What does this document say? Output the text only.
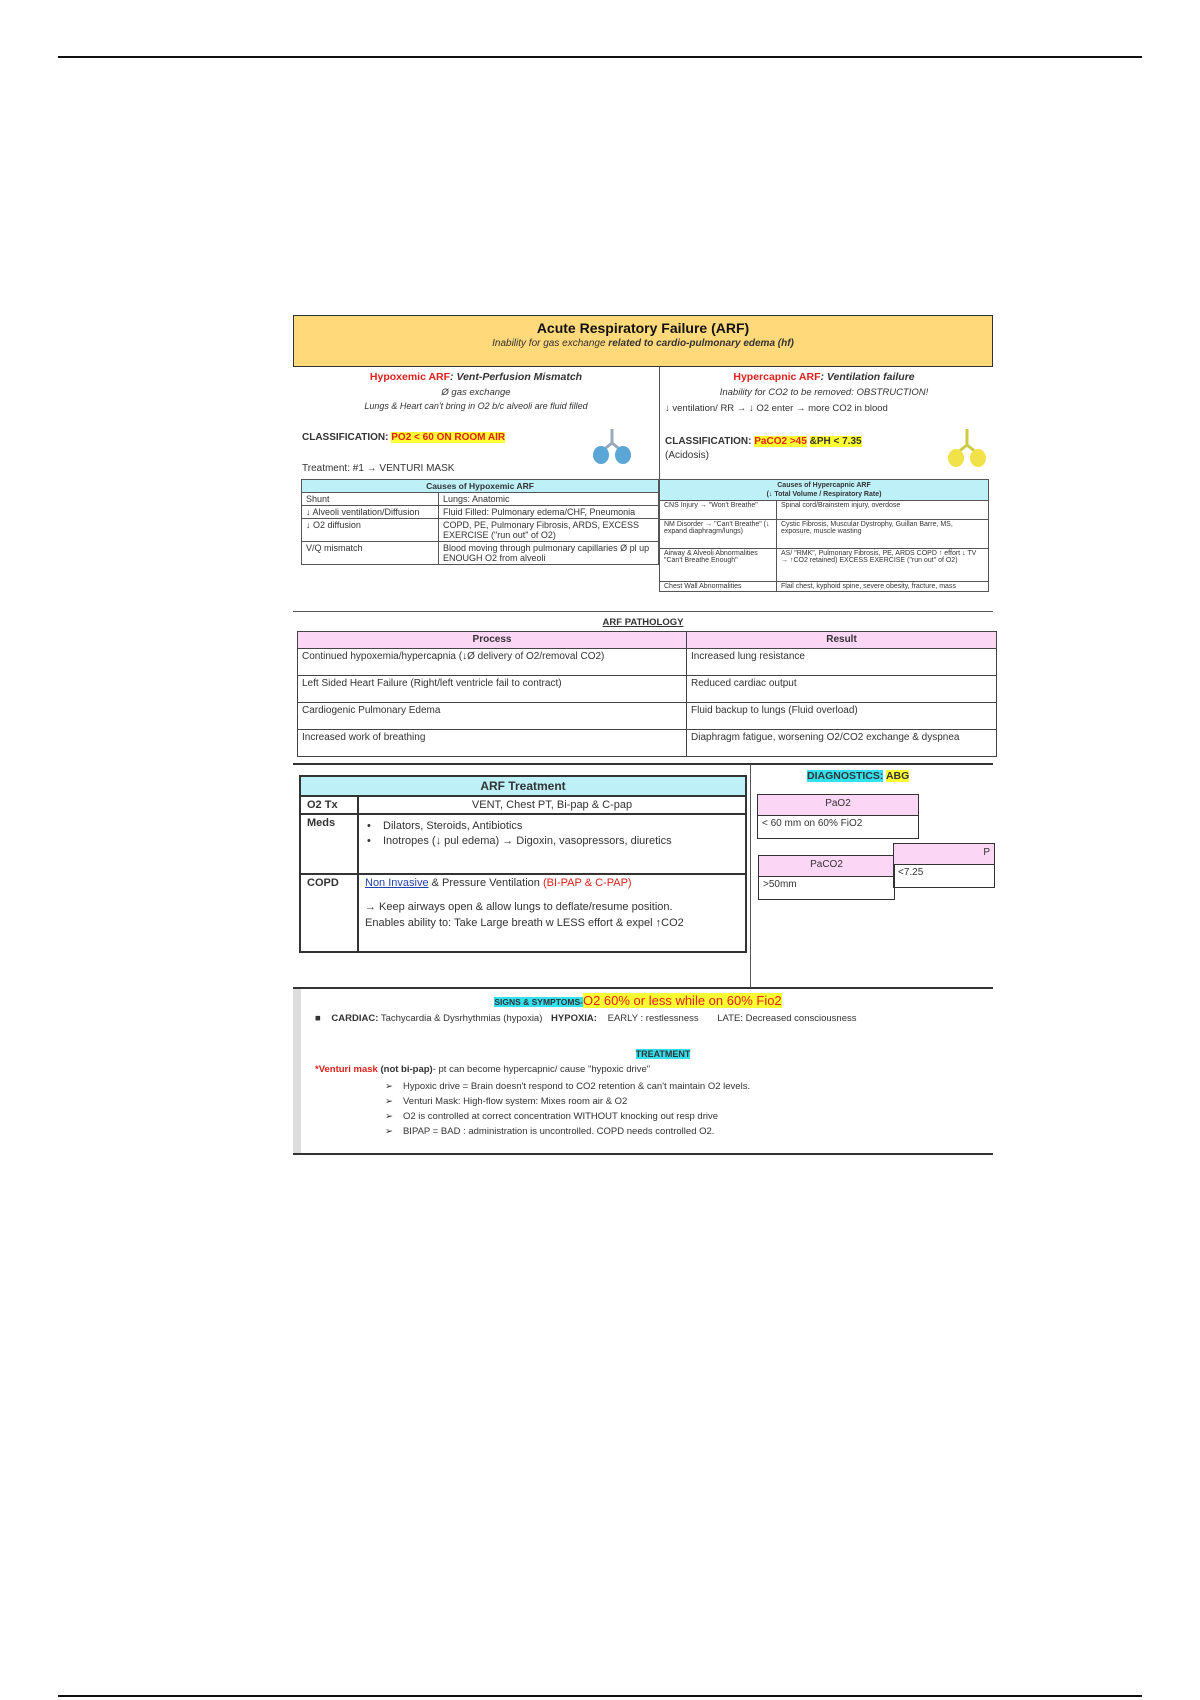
Acute Respiratory Failure (ARF)
Inability for gas exchange related to cardio-pulmonary edema (hf)
Hypoxemic ARF: Vent-Perfusion Mismatch
Ø gas exchange
Lungs & Heart can't bring in O2 b/c alveoli are fluid filled
CLASSIFICATION: PO2 < 60 ON ROOM AIR
Treatment: #1 → VENTURI MASK
Causes of Hypoxemic ARF	
Shunt	Lungs: Anatomic
↓ Alveoli ventilation/Diffusion	Fluid Filled: Pulmonary edema/CHF, Pneumonia
↓ O2 diffusion	COPD, PE, Pulmonary Fibrosis, ARDS, EXCESS EXERCISE ("run out" of O2)
V/Q mismatch	Blood moving through pulmonary capillaries Ø pl up ENOUGH O2 from alveoli
Hypercapnic ARF: Ventilation failure
Inability for CO2 to be removed: OBSTRUCTION!
↓ ventilation/ RR → ↓ O2 enter → more CO2 in blood
CLASSIFICATION: PaCO2 >45 &PH < 7.35
(Acidosis)
Causes of Hypercapnic ARF
(↓ Total Volume / Respiratory Rate)	
CNS Injury → "Won't Breathe"	Spinal cord/Brainstem injury, overdose
NM Disorder → "Can't Breathe" (↓ expand diaphragm/lungs)	Cystic Fibrosis, Muscular Dystrophy, Guillan Barre, MS, exposure, muscle wasting
Airway & Alveoli Abnormalities "Can't Breathe Enough"	AS/ "RMK", Pulmonary Fibrosis, PE, ARDS COPD ↑ effort ↓ TV → ↑CO2 retained) EXCESS EXERCISE ("run out" of O2)
Chest Wall Abnormalities	Flail chest, kyphoid spine, severe obesity, fracture, mass
ARF PATHOLOGY
Process	Result
Continued hypoxemia/hypercapnia (↓Ø delivery of O2/removal CO2)	Increased lung resistance
Left Sided Heart Failure (Right/left ventricle fail to contract)	Reduced cardiac output
Cardiogenic Pulmonary Edema	Fluid backup to lungs (Fluid overload)
Increased work of breathing	Diaphragm fatigue, worsening O2/CO2 exchange & dyspnea
ARF Treatment	
O2 Tx	VENT, Chest PT, Bi-pap & C-pap
Meds	• Dilators, Steroids, Antibiotics
• Inotropes (↓ pul edema) → Digoxin, vasopressors, diuretics

COPD	Non Invasive & Pressure Ventilation (BI-PAP & C-PAP)
→ Keep airways open & allow lungs to deflate/resume position.
Enables ability to: Take Large breath w LESS effort & expel ↑CO2
DIAGNOSTICS: ABG
PaO2
< 60 mm on 60% FiO2
PaCO2
>50mm
P
<7.25
SIGNS & SYMPTOMS-O2 60% or less while on 60% Fio2
■ CARDIAC: Tachycardia & Dysrhythmias (hypoxia) HYPOXIA: EARLY : restlessness LATE: Decreased consciousness
TREATMENT
*Venturi mask (not bi-pap)- pt can become hypercapnic/ cause "hypoxic drive"
➢ Hypoxic drive = Brain doesn't respond to CO2 retention & can't maintain O2 levels.
➢ Venturi Mask: High-flow system: Mixes room air & O2
➢ O2 is controlled at correct concentration WITHOUT knocking out resp drive
➢ BIPAP = BAD : administration is uncontrolled. COPD needs controlled O2.
